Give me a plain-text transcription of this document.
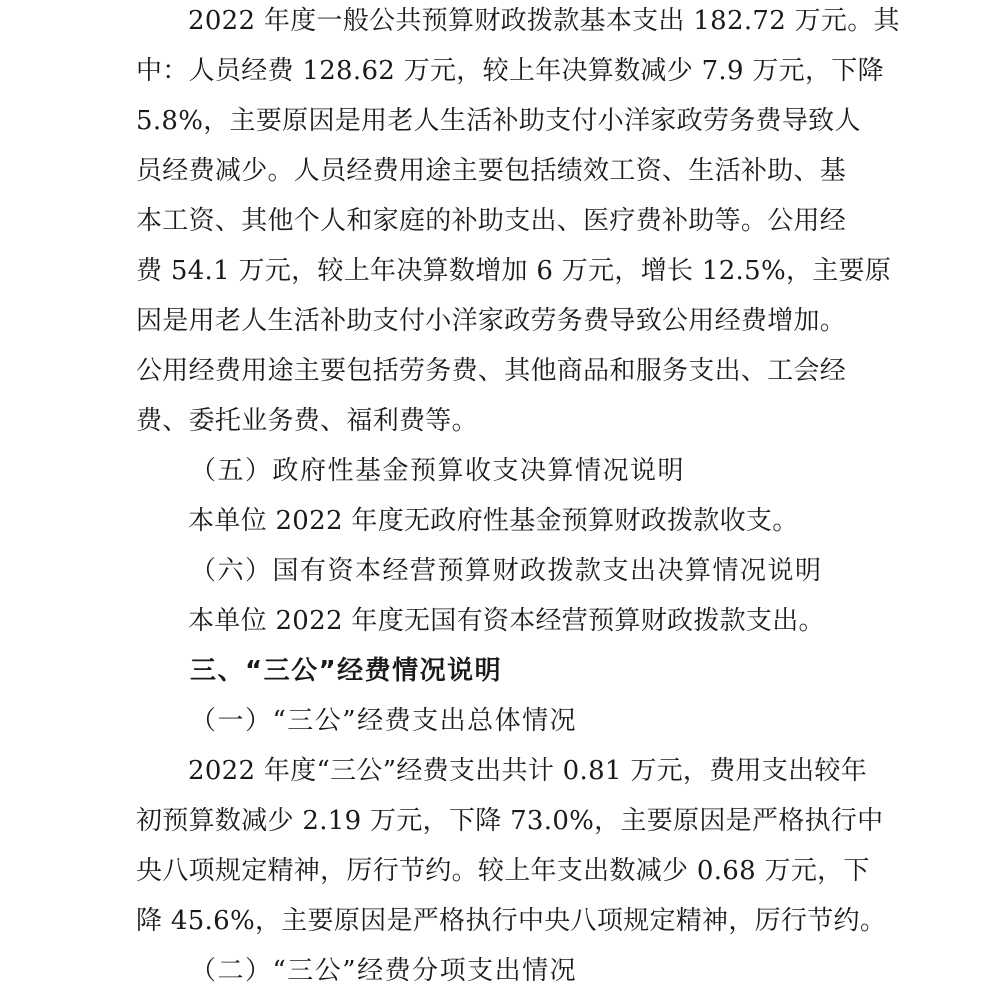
2022 年度一般公共预算财政拨款基本支出 182.72 万元。其
中：人员经费 128.62 万元，较上年决算数减少 7.9 万元，下降
5.8%，主要原因是用老人生活补助支付小洋家政劳务费导致人
员经费减少。人员经费用途主要包括绩效工资、生活补助、基
本工资、其他个人和家庭的补助支出、医疗费补助等。公用经
费 54.1 万元，较上年决算数增加 6 万元，增长 12.5%，主要原
因是用老人生活补助支付小洋家政劳务费导致公用经费增加。
公用经费用途主要包括劳务费、其他商品和服务支出、工会经
费、委托业务费、福利费等。
（五）政府性基金预算收支决算情况说明
本单位 2022 年度无政府性基金预算财政拨款收支。
（六）国有资本经营预算财政拨款支出决算情况说明
本单位 2022 年度无国有资本经营预算财政拨款支出。
三、“三公”经费情况说明
（一）“三公”经费支出总体情况
2022 年度“三公”经费支出共计 0.81 万元，费用支出较年
初预算数减少 2.19 万元，下降 73.0%，主要原因是严格执行中
央八项规定精神，厉行节约。较上年支出数减少 0.68 万元，下
降 45.6%，主要原因是严格执行中央八项规定精神，厉行节约。
（二）“三公”经费分项支出情况
